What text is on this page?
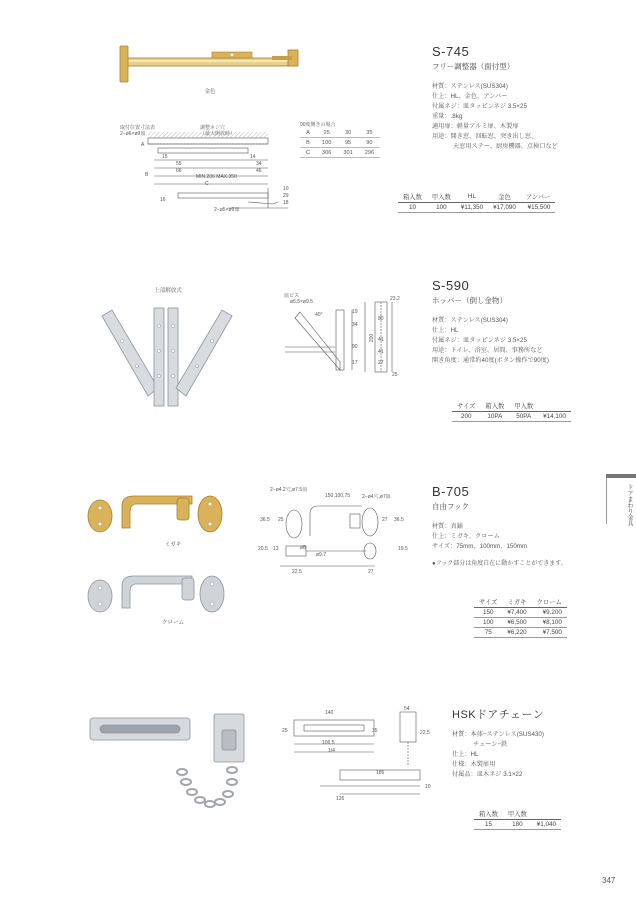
金色
取付位置寸法表
2−ø6×ø9皿
調整ネジ穴
（最大開放時）
A
B
C
15
55
66
14
34
46
MIN.206 MAX.350
10
29
18
16
2−ø5×ø9皿
90度開きの場合
A	25	30	35
B	100	95	90
C	306	301	296
S-745
フリー調整器（面付型）
材質：ステンレス(SUS304)
仕上：HL、金色、アンバー
付属ネジ：皿タッピンネジ 3.5×25
重量：.8kg
適用扉：軽量アルミ扉、木製扉
用途：開き窓、回転窓、突き出し窓、
天窓用ステー、厨房機器、点検口など
箱入数	甲入数	HL	金色	アンバー
10	100	¥11,350	¥17,090	¥15,500
上部解放式
皿ビス
ø5.5×ø9.5
40°
23.2
19
34
90
17
80
41
41
27
25
200
S-590
ホッパー（倒し金物）
材質：ステンレス(SUS304)
仕上：HL
付属ネジ：皿タッピンネジ 3.5×25
用途：トイレ、浴室、居間、事務所など
開き角度：通常約40度(ボタン操作で90度)
サイズ	箱入数	甲入数	
200	10PA	50PA	¥14,100
ミガキ
クローム
2−ø4.2穴,ø7.5皿
150,100,75 2−ø4穴,ø7皿
36.5 25	27 36.5
20.5 13	ø8
ø9.7
19.5
22.5	27
B-705
自由フック
材質：真鍮
仕上：ミガキ、クローム
サイズ：75mm、100mm、150mm
●フック部分は角度自在に動かすことができます。
サイズ	ミガキ	クローム
150	¥7,400	¥9,200
100	¥6,500	¥8,100
75	¥6,220	¥7,500
140
25	35
106.5
1/4
54
22.5
186
126
10
HSKドアチェーン
材質：本体−ステンレス(SUS430)
チェーン−鉄
仕上：HL
仕様：木製扉用
付属品：皿木ネジ 3.1×22
箱入数	甲入数	
15	180	¥1,040
ドアまわり金具
347
